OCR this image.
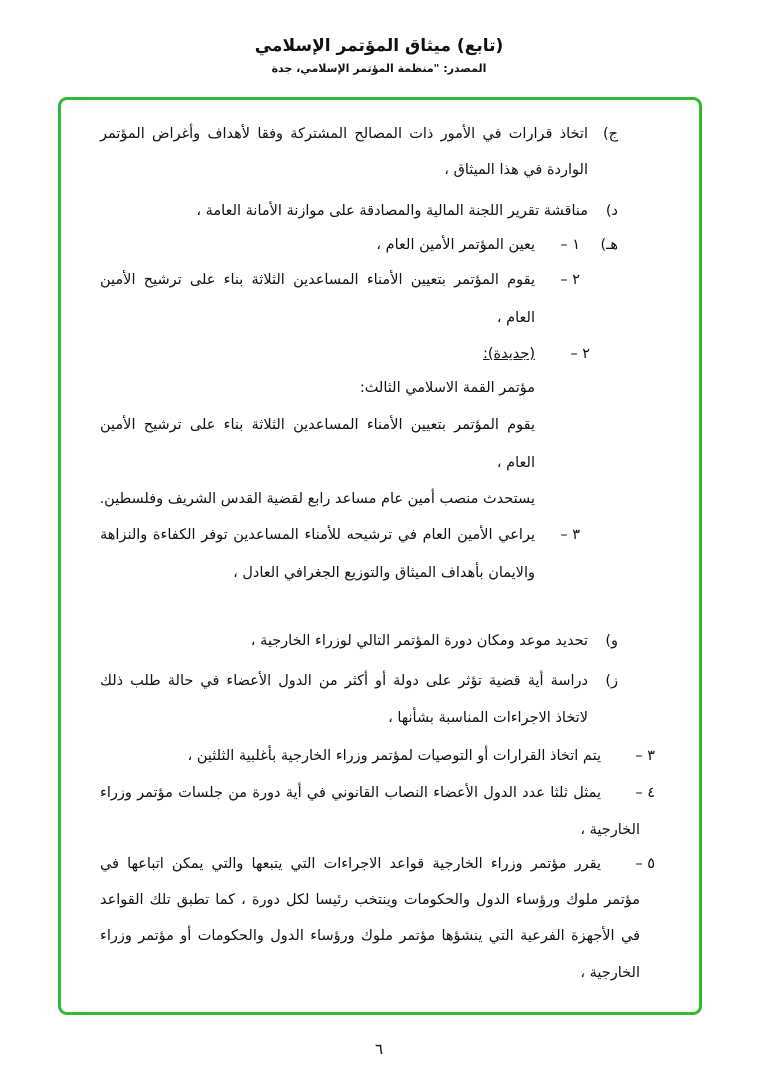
(تابع) ميثاق المؤتمر الإسلامي
المصدر: "منظمة المؤتمر الإسلامي، جدة
ج)
اتخاذ قرارات في الأمور ذات المصالح المشتركة وفقا لأهداف وأغراض المؤتمر
الواردة في هذا الميثاق ،
د)
مناقشة تقرير اللجنة المالية والمصادقة على موازنة الأمانة العامة ،
هـ)
١ –
يعين المؤتمر الأمين العام ،
٢ –
يقوم المؤتمر بتعيين الأمناء المساعدين الثلاثة بناء على ترشيح الأمين
العام ،
٢ –
(جديدة):
مؤتمر القمة الاسلامي الثالث:
يقوم المؤتمر بتعيين الأمناء المساعدين الثلاثة بناء على ترشيح الأمين
العام ،
يستحدث منصب أمين عام مساعد رابع لقضية القدس الشريف وفلسطين.
٣ –
يراعي الأمين العام في ترشيحه للأمناء المساعدين توفر الكفاءة والنزاهة
والايمان بأهداف الميثاق والتوزيع الجغرافي العادل ،
و)
تحديد موعد ومكان دورة المؤتمر التالي لوزراء الخارجية ،
ز)
دراسة أية قضية تؤثر على دولة أو أكثر من الدول الأعضاء في حالة طلب ذلك
لاتخاذ الاجراءات المناسبة بشأنها ،
٣ –
يتم اتخاذ القرارات أو التوصيات لمؤتمر وزراء الخارجية بأغلبية الثلثين ،
٤ –
يمثل ثلثا عدد الدول الأعضاء النصاب القانوني في أية دورة من جلسات مؤتمر وزراء
الخارجية ،
٥ –
يقرر مؤتمر وزراء الخارجية قواعد الاجراءات التي يتبعها والتي يمكن اتباعها في
مؤتمر ملوك ورؤساء الدول والحكومات وينتخب رئيسا لكل دورة ، كما تطبق تلك القواعد
في الأجهزة الفرعية التي ينشؤها مؤتمر ملوك ورؤساء الدول والحكومات أو مؤتمر وزراء
الخارجية ،
٦
